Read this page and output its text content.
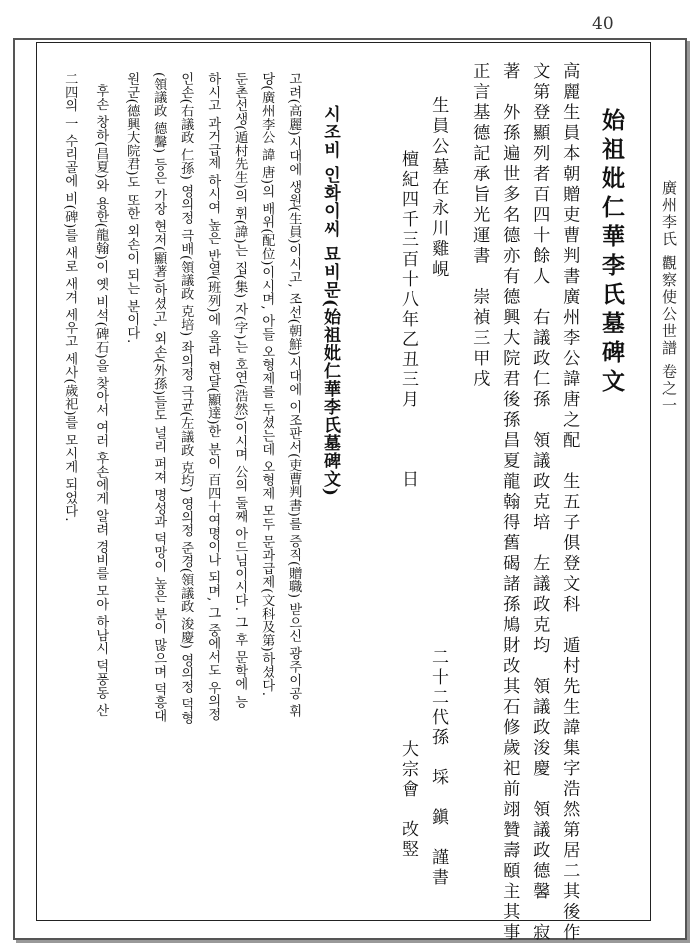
40
廣州李氏 觀察使公世譜 卷之一
始祖妣仁華李氏墓碑文
高麗生員本朝贈吏曹判書廣州李公諱唐之配　生五子俱登文科　遁村先生諱集字浩然第居二其後作
文第登顯列者百四十餘人　右議政仁孫　領議政克培　左議政克均　領議政浚慶　領議政德馨　寂
著　外孫遍世多名德亦有德興大院君後孫昌夏龍翰得舊碣諸孫鳩財改其石修歲祀前翊贊壽頤主其事
正言基德記承旨光運書　崇禎三甲戌
生員公墓在永川雞峴
檀紀四千三百十八年乙丑三月　　　日
二十二代孫　埰　鎭　謹書
大宗會　改竪
시조비 인화이씨 묘비문(始祖妣仁華李氏墓碑文)
고려(高麗)시대에 생원(生員)이시고, 조선(朝鮮)시대에 이조판서(吏曹判書)를 증직(贈職) 받으신 광주이공 휘
당(廣州李公 諱 唐)의 배위(配位)이시며, 아들 오형제를 두셨는데 오형제 모두 문과급제(文科及第)하셨다.
둔촌선생(遁村先生)의 휘(諱)는 집(集) 자(字)는 호연(浩然)이시며 公의 둘째 아드님이시다. 그 후 문학에 능
하시고 과거급제 하시여 높은 반열(班列)에 올라 현달(顯達)한 분이 百四十여명이나 되며, 그 중에서도 우의정
인손(右議政 仁孫) 영의정 극배(領議政 克培) 좌의정 극균(左議政 克均) 영의정 준경(領議政 浚慶) 영의정 덕형
(領議政 德馨) 등은 가장 현저(顯著)하셨고, 외손(外孫)들도 널리 퍼져 명성과 덕망이 높은 분이 많으며 덕흥대
원군(德興大院君)도 또한 외손이 되는 분이다.
후손 창하(昌夏)와 용한(龍翰)이 옛 비석(碑石)을 찾아서 여러 후손에게 알려 경비를 모아 하남시 덕풍동 산
二四의 一 수리골에 비(碑)를 새로 새겨 세우고 세사(歲祀)를 모시게 되었다.
